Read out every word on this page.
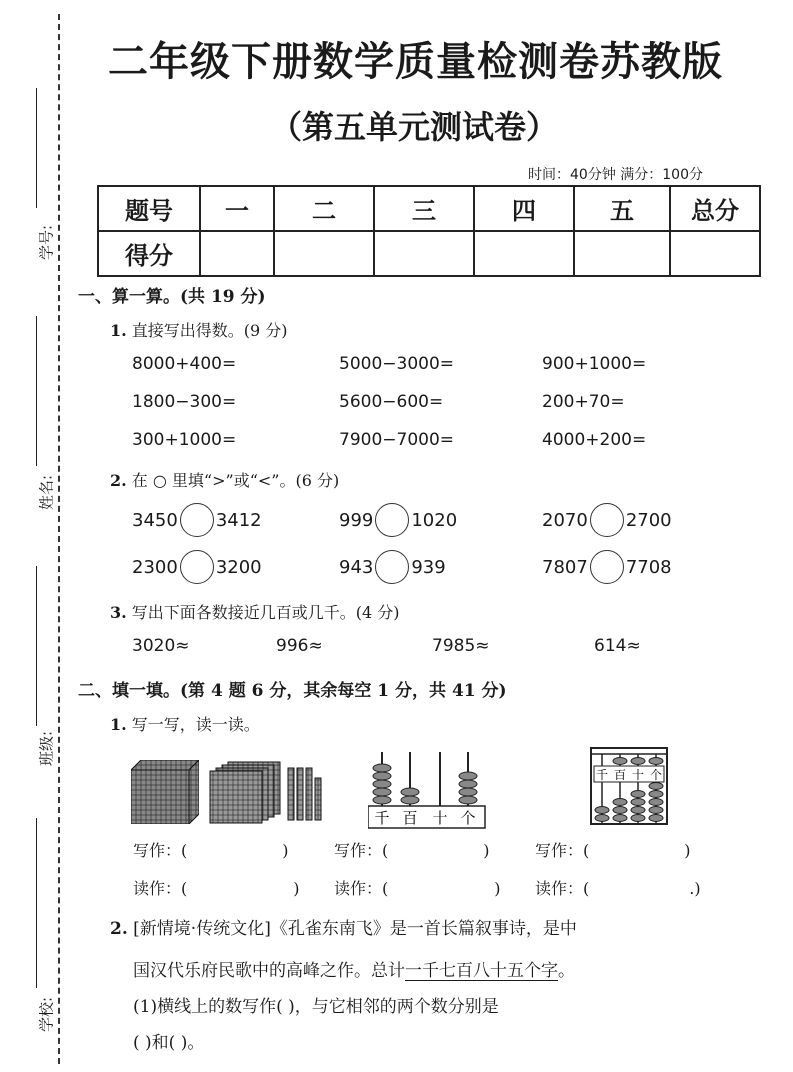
学号:
姓名:
班级:
学校:
二年级下册数学质量检测卷苏教版
（第五单元测试卷）
时间：40分钟 满分：100分
题号	一	二	三	四	五	总分
得分						
一、算一算。(共 19 分)
1. 直接写出得数。(9 分)
8000+400=	5000−3000=	900+1000=
1800−300=	5600−600=	200+70=
300+1000=	7900−7000=	4000+200=
2. 在 ○ 里填“>”或“<”。(6 分)
3450 3412	999 1020	2070 2700
2300 3200	943 939	7807 7708
3. 写出下面各数接近几百或几千。(4 分)
3020≈	996≈	7985≈	614≈
二、填一填。(第 4 题 6 分，其余每空 1 分，共 41 分)
1. 写一写，读一读。
千 百 十 个
千 百 十 个
写作：(	)	写作：(	)	写作：(	)
读作：(	) 读作：(	) 读作：(	.)
2. [新情境·传统文化]《孔雀东南飞》是一首长篇叙事诗，是中
国汉代乐府民歌中的高峰之作。总计一千七百八十五个字。
(1)横线上的数写作( )，与它相邻的两个数分别是
( )和( )。
